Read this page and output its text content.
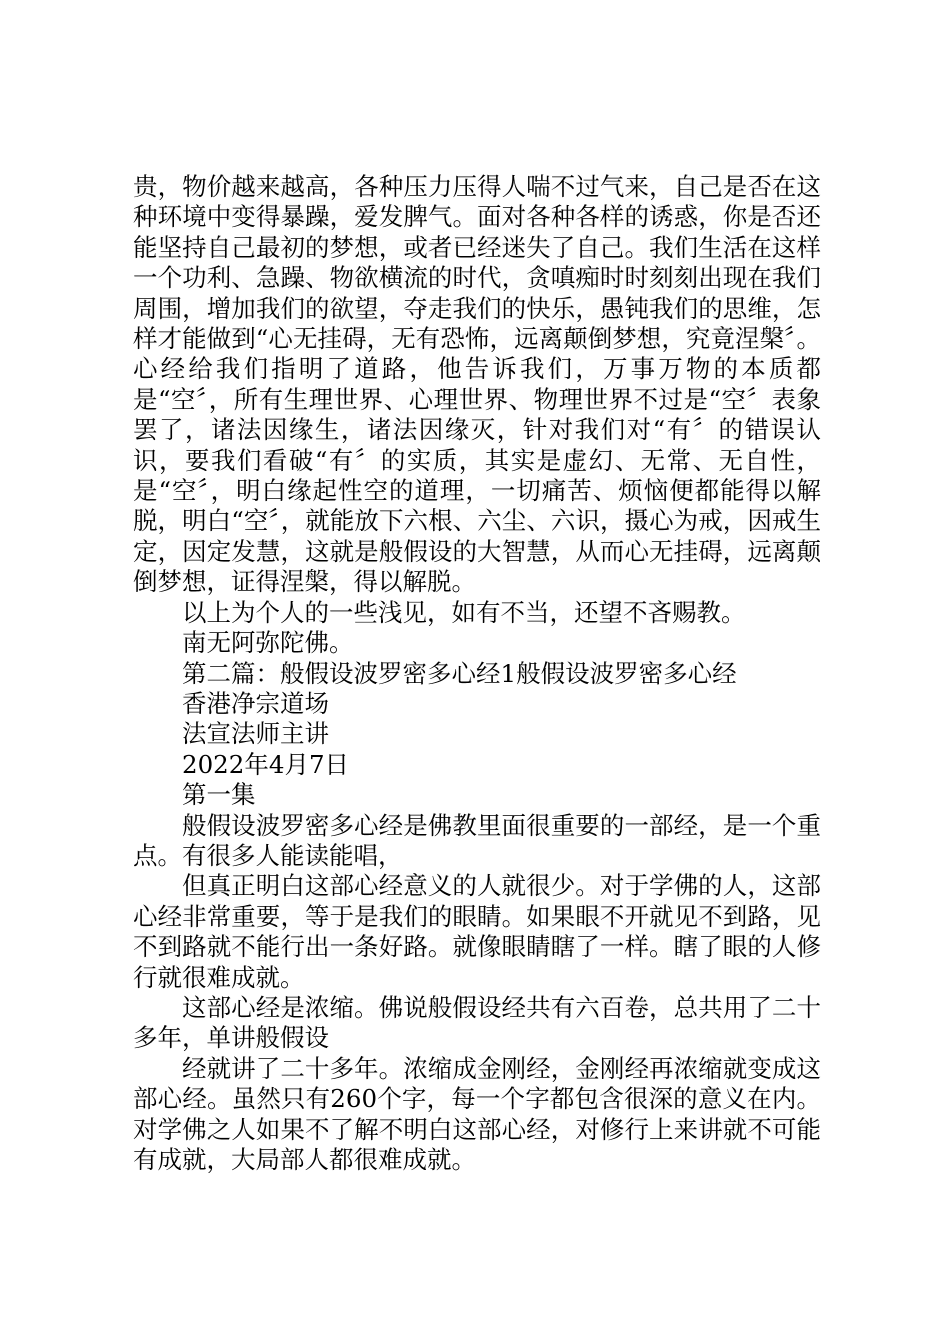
贵，物价越来越高，各种压力压得人喘不过气来，自己是否在这种环境中变得暴躁，爱发脾气。面对各种各样的诱惑，你是否还能坚持自己最初的梦想，或者已经迷失了自己。我们生活在这样一个功利、急躁、物欲横流的时代，贪嗔痴时时刻刻出现在我们周围，增加我们的欲望，夺走我们的快乐，愚钝我们的思维，怎样才能做到“心无挂碍，无有恐怖，远离颠倒梦想，究竟涅槃〞。心经给我们指明了道路，他告诉我们，万事万物的本质都是“空〞，所有生理世界、心理世界、物理世界不过是“空〞表象罢了，诸法因缘生，诸法因缘灭，针对我们对“有〞的错误认识，要我们看破“有〞的实质，其实是虚幻、无常、无自性，是“空〞，明白缘起性空的道理，一切痛苦、烦恼便都能得以解脱，明白“空〞，就能放下六根、六尘、六识，摄心为戒，因戒生定，因定发慧，这就是般假设的大智慧，从而心无挂碍，远离颠倒梦想，证得涅槃，得以解脱。

以上为个人的一些浅见，如有不当，还望不吝赐教。

南无阿弥陀佛。

第二篇：般假设波罗密多心经1般假设波罗密多心经

香港净宗道场

法宣法师主讲

2022年4月7日

第一集

般假设波罗密多心经是佛教里面很重要的一部经，是一个重点。有很多人能读能唱，

但真正明白这部心经意义的人就很少。对于学佛的人，这部心经非常重要，等于是我们的眼睛。如果眼不开就见不到路，见不到路就不能行出一条好路。就像眼睛瞎了一样。瞎了眼的人修行就很难成就。

这部心经是浓缩。佛说般假设经共有六百卷，总共用了二十多年，单讲般假设

经就讲了二十多年。浓缩成金刚经，金刚经再浓缩就变成这部心经。虽然只有260个字，每一个字都包含很深的意义在内。对学佛之人如果不了解不明白这部心经，对修行上来讲就不可能有成就，大局部人都很难成就。
